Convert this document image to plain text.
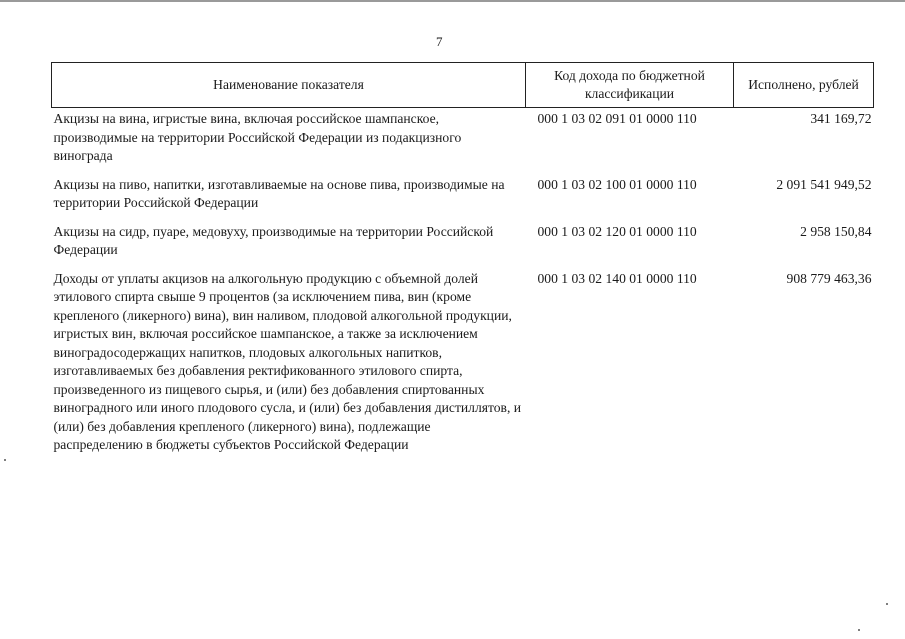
7
Наименование показателя	Код дохода по бюджетной классификации	Исполнено, рублей
Акцизы на вина, игристые вина, включая российское шампанское, производимые на территории Российской Федерации из подакцизного винограда	000 1 03 02 091 01 0000 110	341 169,72
Акцизы на пиво, напитки, изготавливаемые на основе пива, производимые на территории Российской Федерации	000 1 03 02 100 01 0000 110	2 091 541 949,52
Акцизы на сидр, пуаре, медовуху, производимые на территории Российской Федерации	000 1 03 02 120 01 0000 110	2 958 150,84
Доходы от уплаты акцизов на алкогольную продукцию с объемной долей этилового спирта свыше 9 процентов (за исключением пива, вин (кроме крепленого (ликерного) вина), вин наливом, плодовой алкогольной продукции, игристых вин, включая российское шампанское, а также за исключением виноградосодержащих напитков, плодовых алкогольных напитков, изготавливаемых без добавления ректификованного этилового спирта, произведенного из пищевого сырья, и (или) без добавления спиртованных виноградного или иного плодового сусла, и (или) без добавления дистиллятов, и (или) без добавления крепленого (ликерного) вина), подлежащие распределению в бюджеты субъектов Российской Федерации	000 1 03 02 140 01 0000 110	908 779 463,36
